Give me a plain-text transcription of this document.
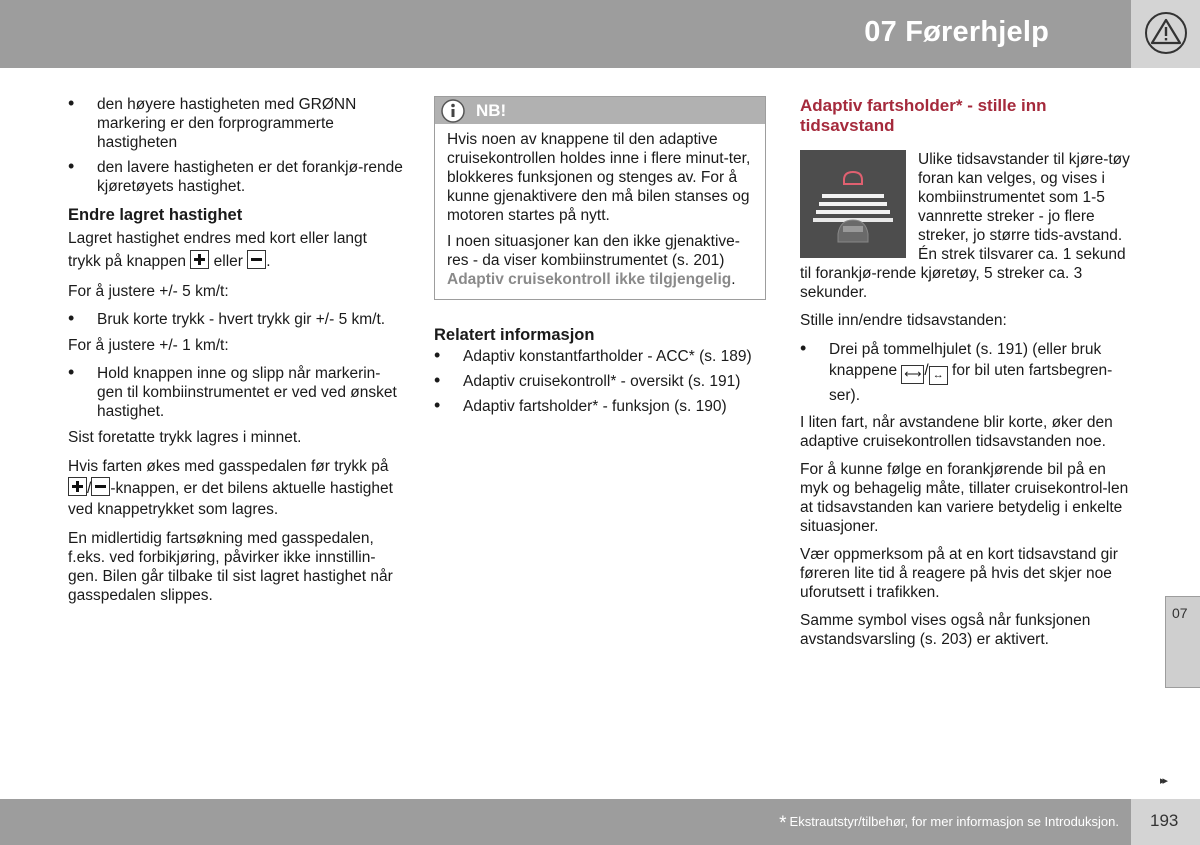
07 Førerhjelp
• den høyere hastigheten med GRØNN markering er den forprogrammerte hastigheten
• den lavere hastigheten er det forankjø-rende kjøretøyets hastighet.
Endre lagret hastighet

Lagret hastighet endres med kort eller langt trykk på knappen eller .

For å justere +/- 5 km/t:

• Bruk korte trykk - hvert trykk gir +/- 5 km/t.

For å justere +/- 1 km/t:

• Hold knappen inne og slipp når markerin-gen til kombiinstrumentet er ved ved ønsket hastighet.

Sist foretatte trykk lagres i minnet.

Hvis farten økes med gasspedalen før trykk på / -knappen, er det bilens aktuelle hastighet ved knappetrykket som lagres.

En midlertidig fartsøkning med gasspedalen, f.eks. ved forbikjøring, påvirker ikke innstillin-gen. Bilen går tilbake til sist lagret hastighet når gasspedalen slippes.

NB!

Hvis noen av knappene til den adaptive cruisekontrollen holdes inne i flere minut-ter, blokkeres funksjonen og stenges av. For å kunne gjenaktivere den må bilen stanses og motoren startes på nytt.

I noen situasjoner kan den ikke gjenaktive-res - da viser kombiinstrumentet (s. 201) Adaptiv cruisekontroll ikke tilgjengelig.

Relatert informasjon
• Adaptiv konstantfartholder - ACC* (s. 189)
• Adaptiv cruisekontroll* - oversikt (s. 191)
• Adaptiv fartsholder* - funksjon (s. 190)
Adaptiv fartsholder* - stille inn tidsavstand

Ulike tidsavstander til kjøre-tøy foran kan velges, og vises i kombiinstrumentet som 1-5 vannrette streker - jo flere streker, jo større tids-avstand. Én strek tilsvarer ca. 1 sekund til forankjø-rende kjøretøy, 5 streker ca. 3 sekunder.

Stille inn/endre tidsavstanden:

• Drei på tommelhjulet (s. 191) (eller bruk knappene ⟷ / ↔ for bil uten fartsbegren-ser).

I liten fart, når avstandene blir korte, øker den adaptive cruisekontrollen tidsavstanden noe.

For å kunne følge en forankjørende bil på en myk og behagelig måte, tillater cruisekontrol-len at tidsavstanden kan variere betydelig i enkelte situasjoner.

Vær oppmerksom på at en kort tidsavstand gir føreren lite tid å reagere på hvis det skjer noe uforutsett i trafikken.

Samme symbol vises også når funksjonen avstandsvarsling (s. 203) er aktivert.

07
▸▸
* Ekstrautstyr/tilbehør, for mer informasjon se Introduksjon. 193
